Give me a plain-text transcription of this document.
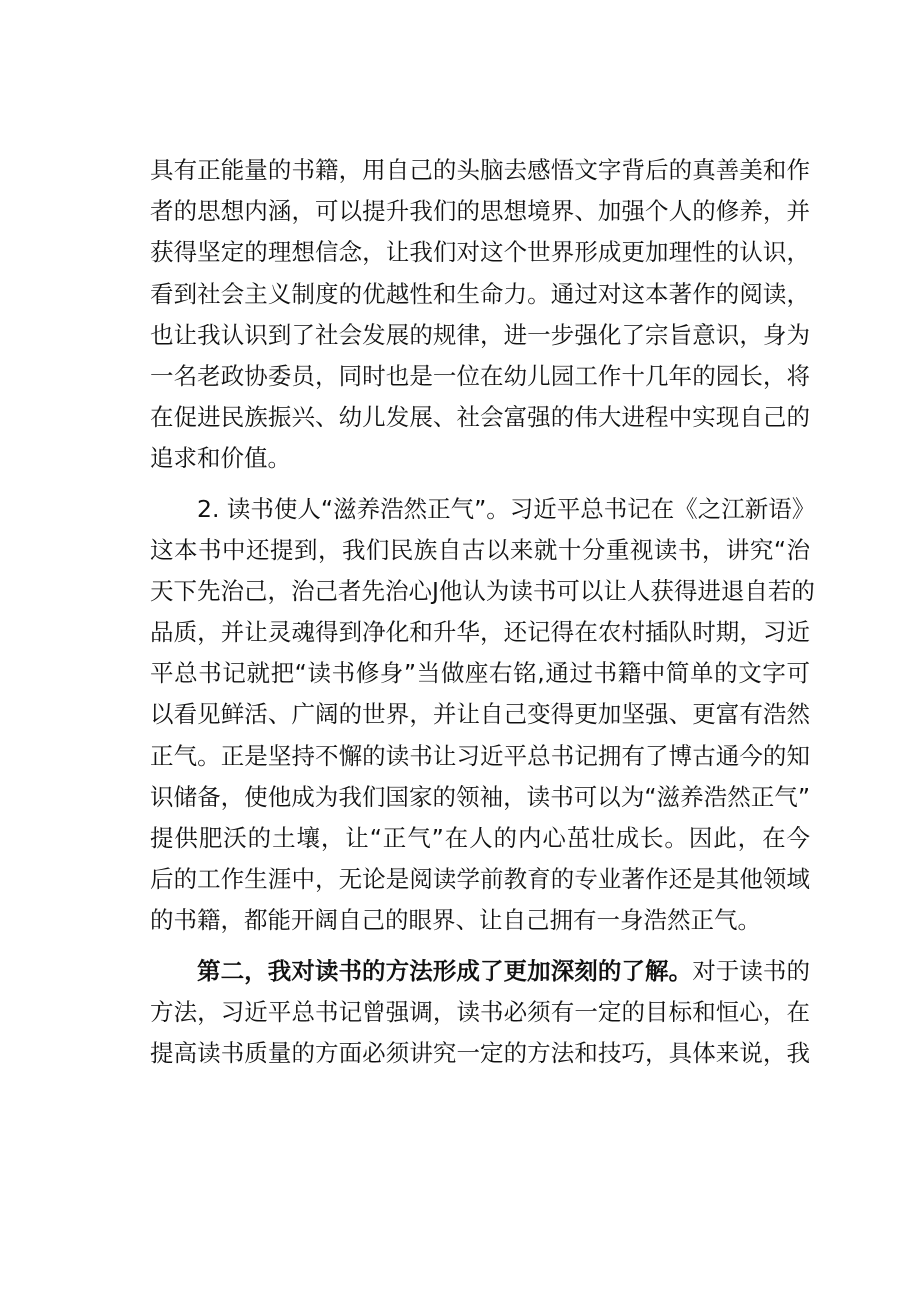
具有正能量的书籍，用自己的头脑去感悟文字背后的真善美和作
者的思想内涵，可以提升我们的思想境界、加强个人的修养，并
获得坚定的理想信念，让我们对这个世界形成更加理性的认识，
看到社会主义制度的优越性和生命力。通过对这本著作的阅读，
也让我认识到了社会发展的规律，进一步强化了宗旨意识，身为
一名老政协委员，同时也是一位在幼儿园工作十几年的园长，将
在促进民族振兴、幼儿发展、社会富强的伟大进程中实现自己的
追求和价值。
2. 读书使人“滋养浩然正气”。习近平总书记在《之江新语》
这本书中还提到，我们民族自古以来就十分重视读书，讲究“治
天下先治己，治己者先治心J他认为读书可以让人获得进退自若的
品质，并让灵魂得到净化和升华，还记得在农村插队时期，习近
平总书记就把“读书修身”当做座右铭,通过书籍中简单的文字可
以看见鲜活、广阔的世界，并让自己变得更加坚强、更富有浩然
正气。正是坚持不懈的读书让习近平总书记拥有了博古通今的知
识储备，使他成为我们国家的领袖，读书可以为“滋养浩然正气”
提供肥沃的土壤，让“正气”在人的内心茁壮成长。因此，在今
后的工作生涯中，无论是阅读学前教育的专业著作还是其他领域
的书籍，都能开阔自己的眼界、让自己拥有一身浩然正气。
第二，我对读书的方法形成了更加深刻的了解。对于读书的
方法，习近平总书记曾强调，读书必须有一定的目标和恒心，在
提高读书质量的方面必须讲究一定的方法和技巧，具体来说，我
